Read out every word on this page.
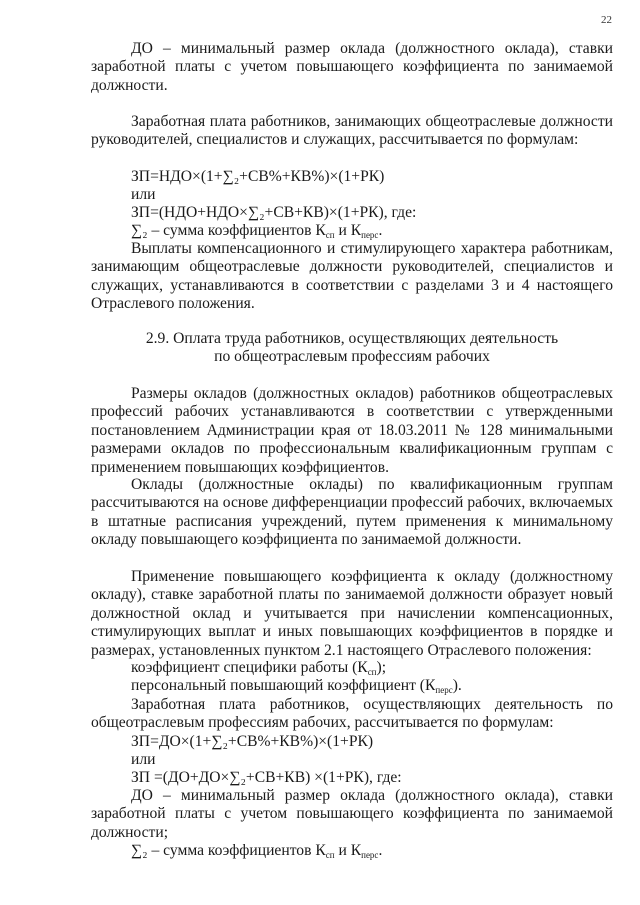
22

ДО – минимальный размер оклада (должностного оклада), ставки заработной платы с учетом повышающего коэффициента по занимаемой должности.

Заработная плата работников, занимающих общеотраслевые должности руководителей, специалистов и служащих, рассчитывается по формулам:

ЗП=НДО×(1+∑₂+СВ%+КВ%)×(1+РК)

или

ЗП=(НДО+НДО×∑₂+СВ+КВ)×(1+РК), где:

∑₂ – сумма коэффициентов $К_{сп}$ и $К_{перс}$.

Выплаты компенсационного и стимулирующего характера работникам, занимающим общеотраслевые должности руководителей, специалистов и служащих, устанавливаются в соответствии с разделами 3 и 4 настоящего Отраслевого положения.

2.9. Оплата труда работников, осуществляющих деятельность

по общеотраслевым профессиям рабочих

Размеры окладов (должностных окладов) работников общеотраслевых профессий рабочих устанавливаются в соответствии с утвержденными постановлением Администрации края от 18.03.2011 № 128 минимальными размерами окладов по профессиональным квалификационным группам с применением повышающих коэффициентов.

Оклады (должностные оклады) по квалификационным группам рассчитываются на основе дифференциации профессий рабочих, включаемых в штатные расписания учреждений, путем применения к минимальному окладу повышающего коэффициента по занимаемой должности.

Применение повышающего коэффициента к окладу (должностному окладу), ставке заработной платы по занимаемой должности образует новый должностной оклад и учитывается при начислении компенсационных, стимулирующих выплат и иных повышающих коэффициентов в порядке и размерах, установленных пунктом 2.1 настоящего Отраслевого положения:

коэффициент специфики работы $(К_{сп})$;

персональный повышающий коэффициент $(К_{перс})$.

Заработная плата работников, осуществляющих деятельность по общеотраслевым профессиям рабочих, рассчитывается по формулам:

ЗП=ДО×(1+∑₂+СВ%+КВ%)×(1+РК)

или

ЗП =(ДО+ДО×∑₂+СВ+КВ) ×(1+РК), где:

ДО – минимальный размер оклада (должностного оклада), ставки заработной платы с учетом повышающего коэффициента по занимаемой должности;

∑₂ – сумма коэффициентов $К_{сп}$ и $К_{перс}$.
